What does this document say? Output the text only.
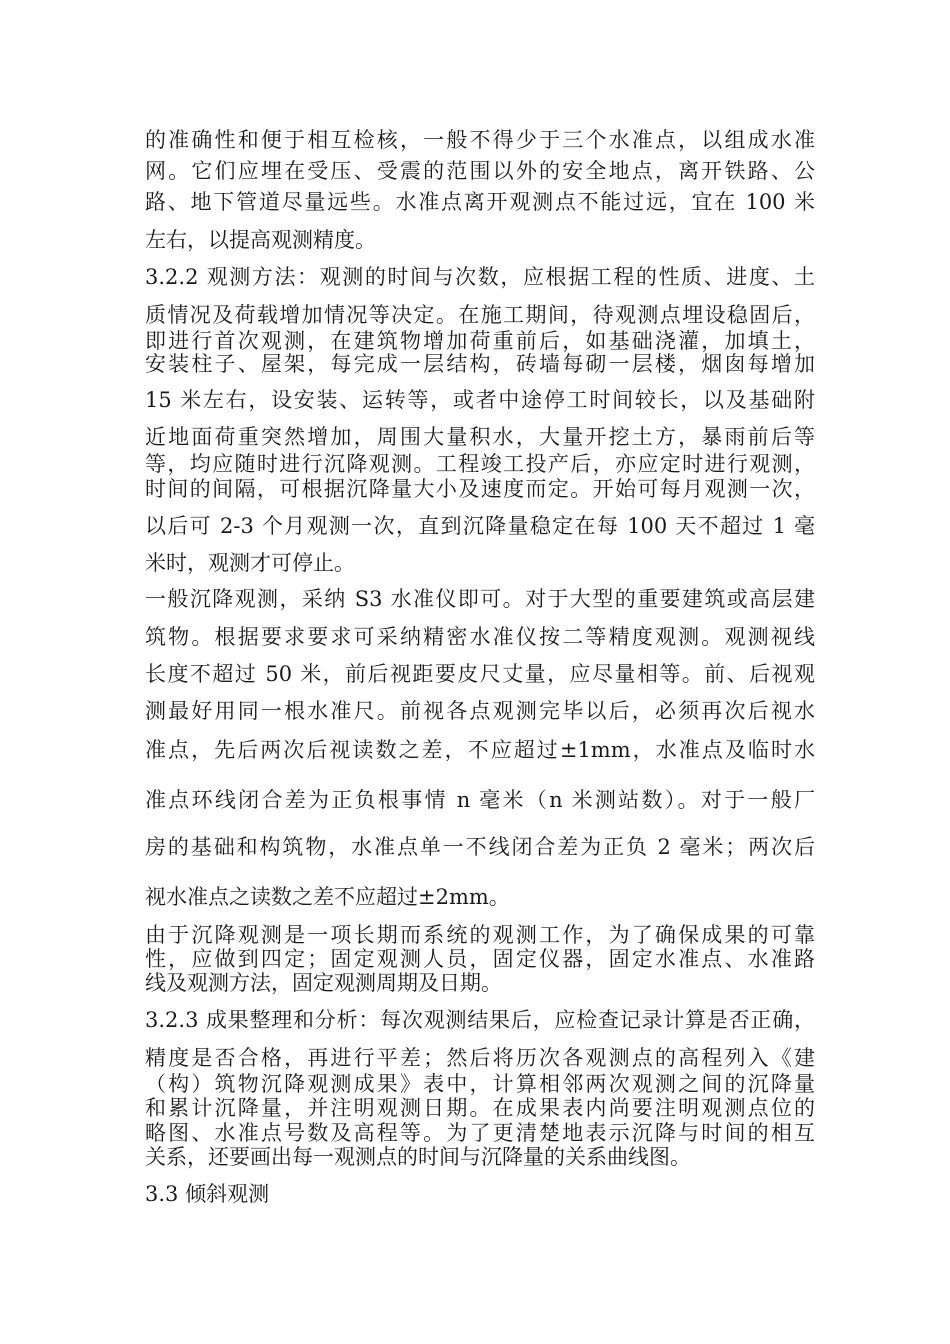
的准确性和便于相互检核，一般不得少于三个水准点，以组成水准
网。它们应埋在受压、受震的范围以外的安全地点，离开铁路、公
路、地下管道尽量远些。水准点离开观测点不能过远，宜在 100 米
左右，以提高观测精度。
3.2.2 观测方法：观测的时间与次数，应根据工程的性质、进度、土
质情况及荷载增加情况等决定。在施工期间，待观测点埋设稳固后，
即进行首次观测，在建筑物增加荷重前后，如基础浇灌，加填土，
安装柱子、屋架，每完成一层结构，砖墙每砌一层楼，烟囱每增加
15 米左右，设安装、运转等，或者中途停工时间较长，以及基础附
近地面荷重突然增加，周围大量积水，大量开挖土方，暴雨前后等
等，均应随时进行沉降观测。工程竣工投产后，亦应定时进行观测，
时间的间隔，可根据沉降量大小及速度而定。开始可每月观测一次，
以后可 2-3 个月观测一次，直到沉降量稳定在每 100 天不超过 1 毫
米时，观测才可停止。
一般沉降观测，采纳 S3 水准仪即可。对于大型的重要建筑或高层建
筑物。根据要求要求可采纳精密水准仪按二等精度观测。观测视线
长度不超过 50 米，前后视距要皮尺丈量，应尽量相等。前、后视观
测最好用同一根水准尺。前视各点观测完毕以后，必须再次后视水
准点，先后两次后视读数之差，不应超过±1mm，水准点及临时水
准点环线闭合差为正负根事情 n 毫米（n 米测站数）。对于一般厂
房的基础和构筑物，水准点单一不线闭合差为正负 2 毫米；两次后
视水准点之读数之差不应超过±2mm。
由于沉降观测是一项长期而系统的观测工作，为了确保成果的可靠
性，应做到四定；固定观测人员，固定仪器，固定水准点、水准路
线及观测方法，固定观测周期及日期。
3.2.3 成果整理和分析：每次观测结果后，应检查记录计算是否正确，
精度是否合格，再进行平差；然后将历次各观测点的高程列入《建
（构）筑物沉降观测成果》表中，计算相邻两次观测之间的沉降量
和累计沉降量，并注明观测日期。在成果表内尚要注明观测点位的
略图、水准点号数及高程等。为了更清楚地表示沉降与时间的相互
关系，还要画出每一观测点的时间与沉降量的关系曲线图。
3.3 倾斜观测
